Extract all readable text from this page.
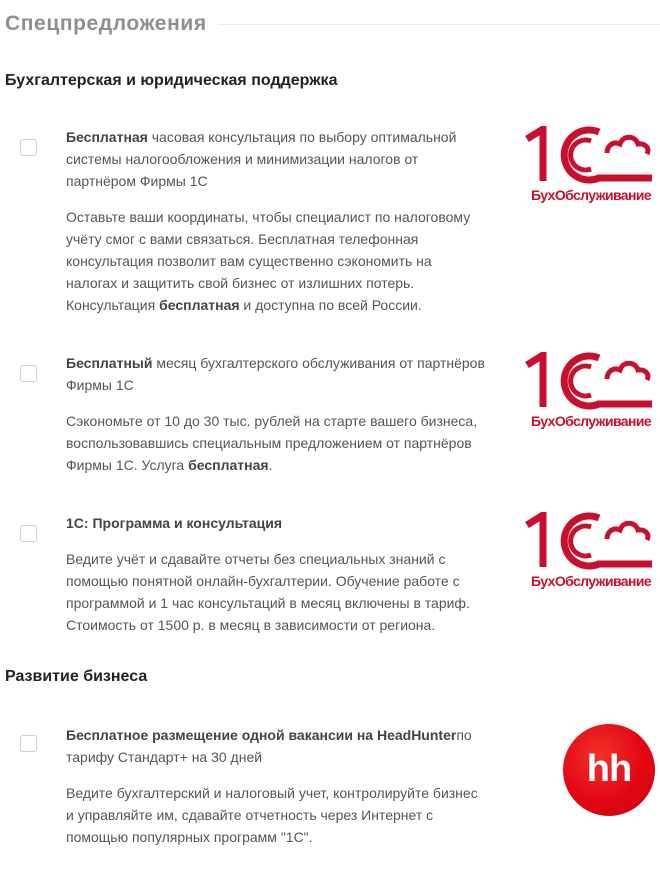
Спецпредложения
Бухгалтерская и юридическая поддержка
Бесплатная часовая консультация по выбору оптимальной системы налогообложения и минимизации налогов от партнёром Фирмы 1С
Оставьте ваши координаты, чтобы специалист по налоговому учёту смог с вами связаться. Бесплатная телефонная консультация позволит вам существенно сэкономить на налогах и защитить свой бизнес от излишних потерь. Консультация бесплатная и доступна по всей России.
БухОбслуживание
Бесплатный месяц бухгалтерского обслуживания от партнёров Фирмы 1С
Сэкономьте от 10 до 30 тыс. рублей на старте вашего бизнеса, воспользовавшись специальным предложением от партнёров Фирмы 1С. Услуга бесплатная.
БухОбслуживание
1С: Программа и консультация
Ведите учёт и сдавайте отчеты без специальных знаний с помощью понятной онлайн-бухгалтерии. Обучение работе с программой и 1 час консультаций в месяц включены в тариф. Стоимость от 1500 р. в месяц в зависимости от региона.
БухОбслуживание
Развитие бизнеса
Бесплатное размещение одной вакансии на HeadHunterпо тарифу Стандарт+ на 30 дней
Ведите бухгалтерский и налоговый учет, контролируйте бизнес и управляйте им, сдавайте отчетность через Интернет с помощью популярных программ "1С".
hh
